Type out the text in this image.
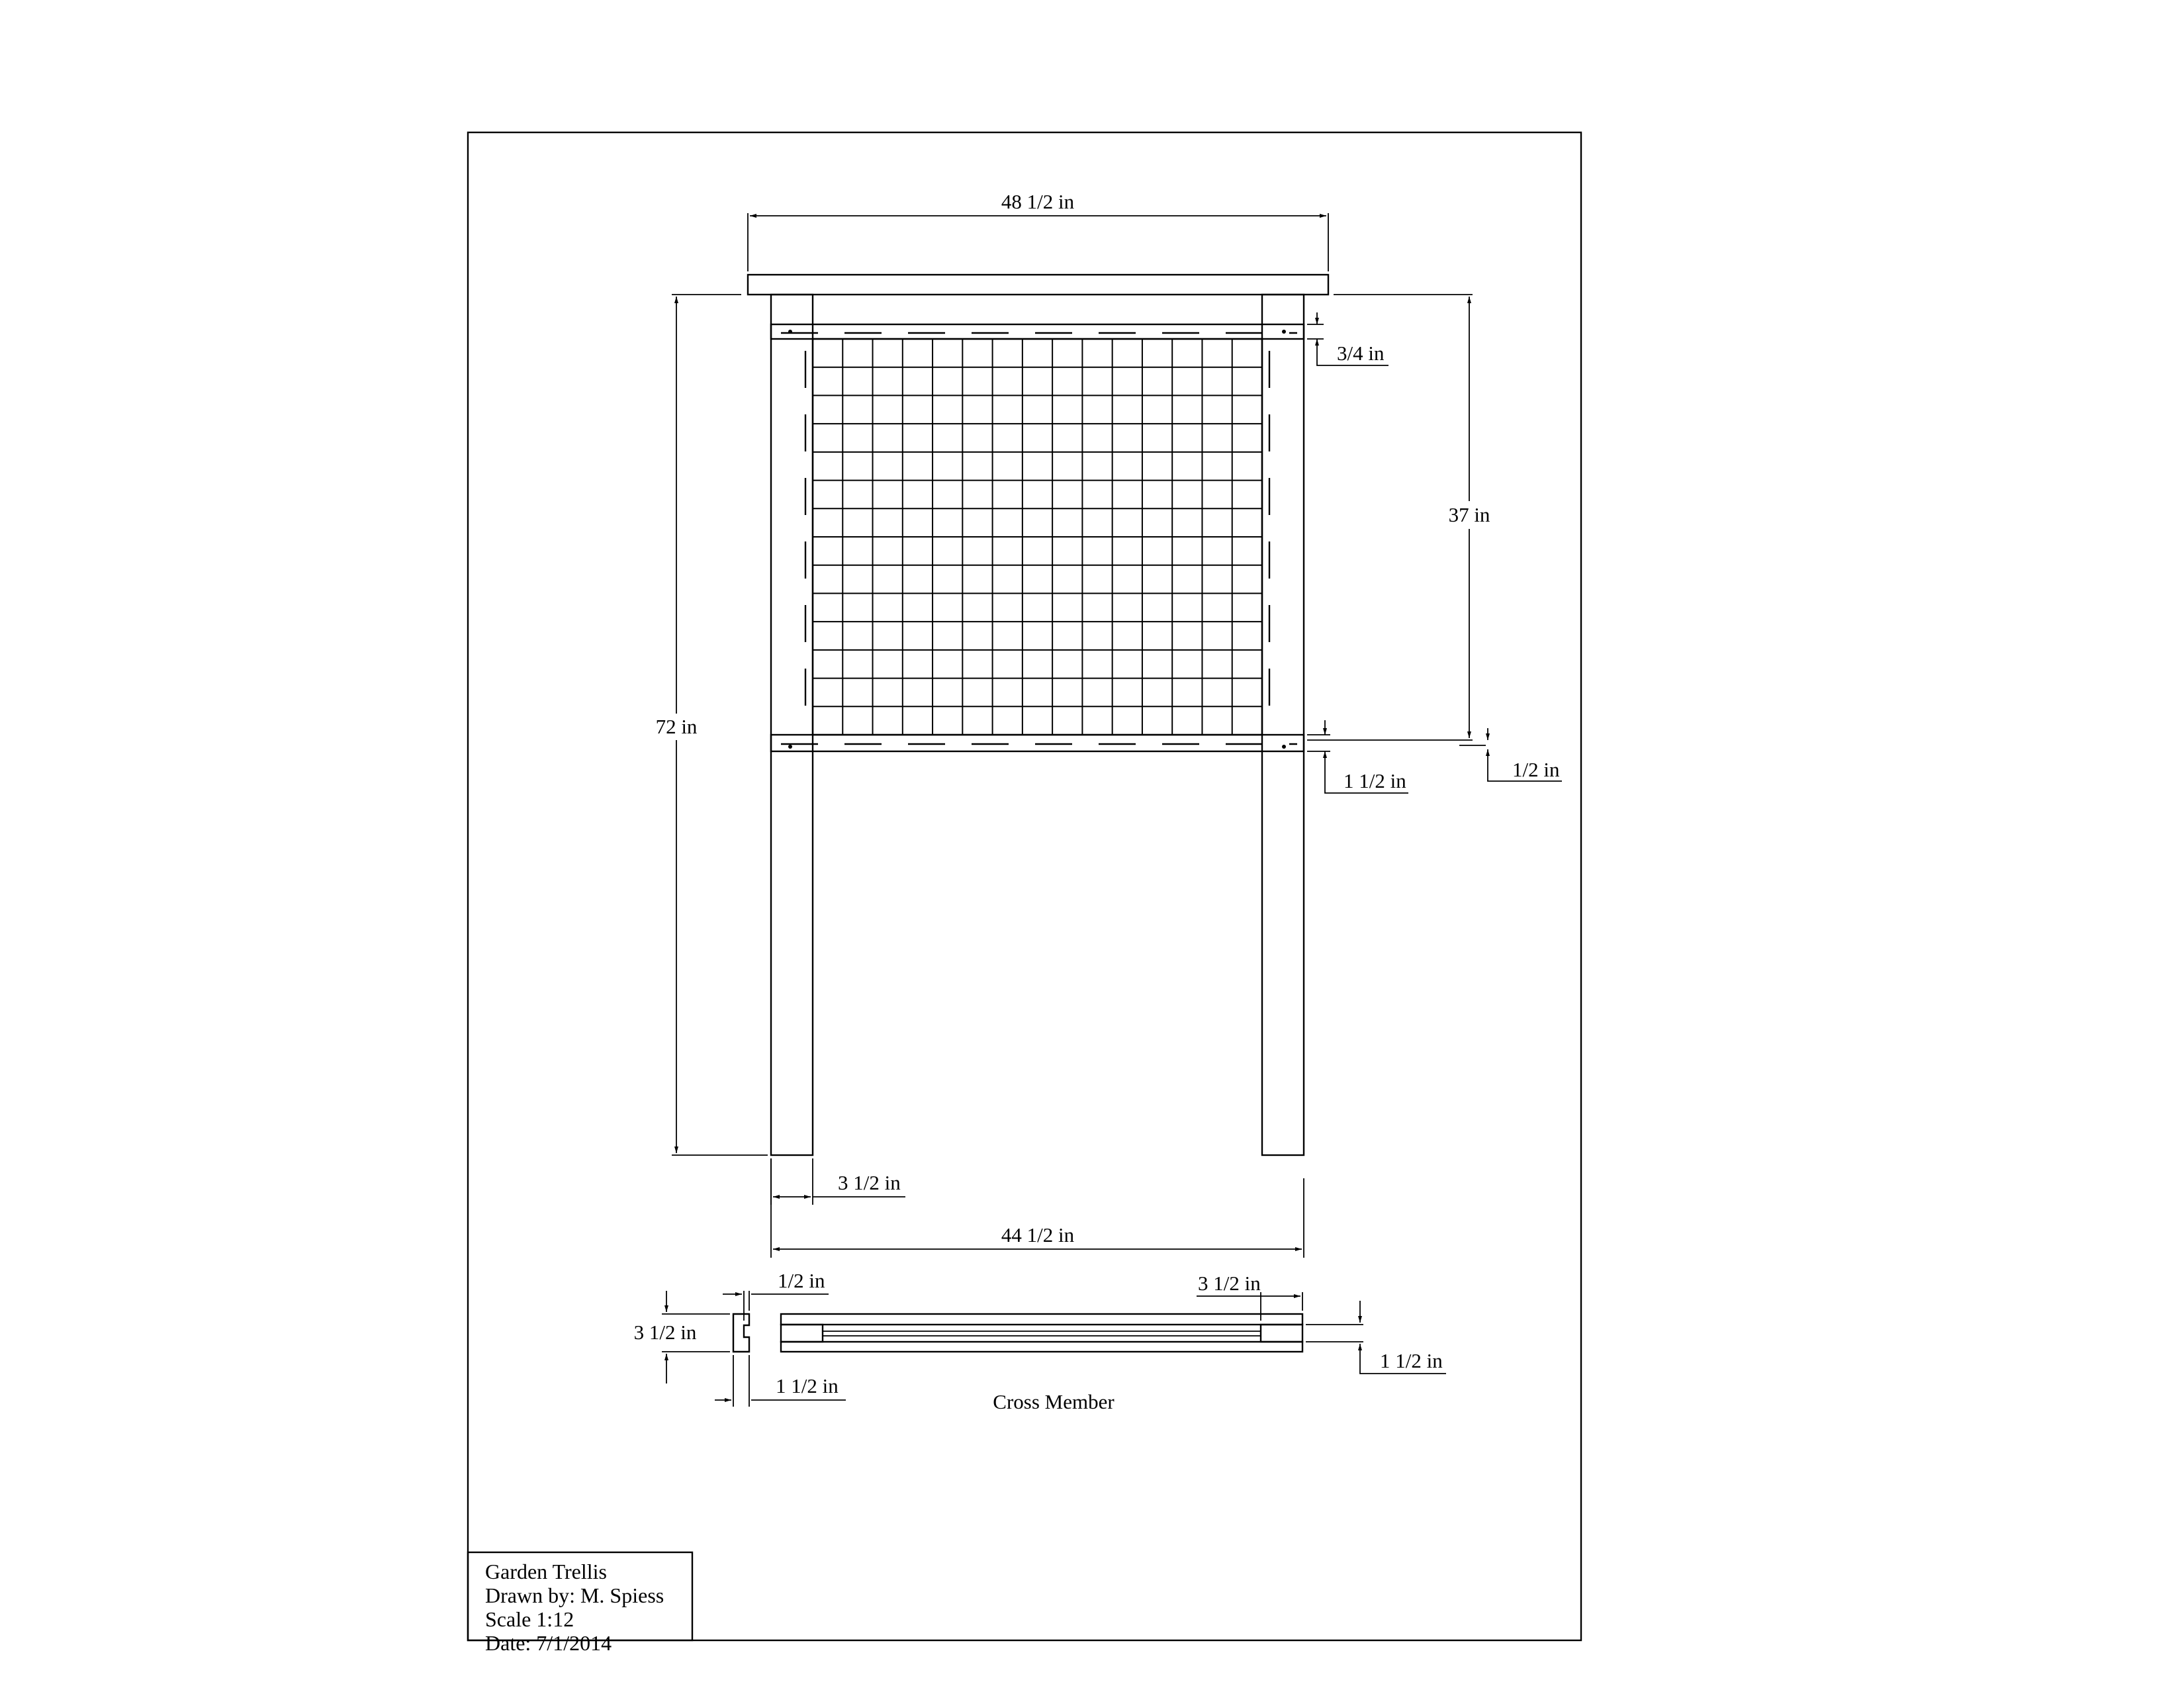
48 1/2 in
72 in
37 in
3/4 in
1 1/2 in	1/2 in
3 1/2 in
44 1/2 in
1/2 in
3 1/2 in
1 1/2 in
3 1/2 in
1 1/2 in
Cross Member
Garden Trellis
Drawn by: M. Spiess
Scale 1:12
Date: 7/1/2014
